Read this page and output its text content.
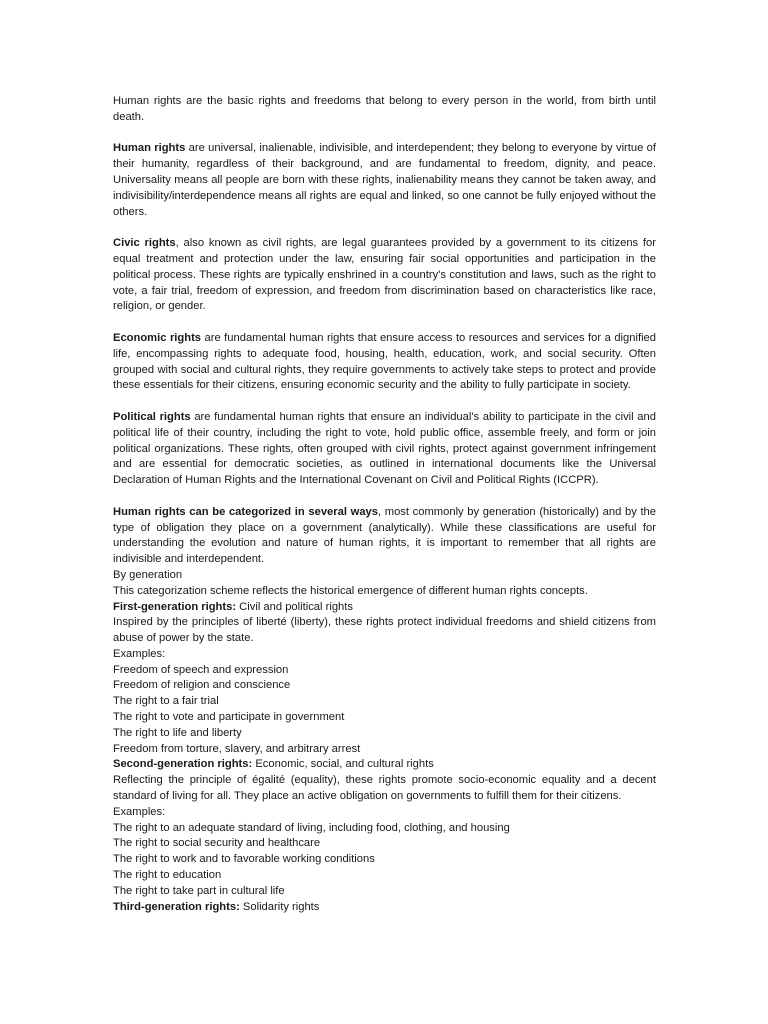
Human rights are the basic rights and freedoms that belong to every person in the world, from birth until death.

Human rights are universal, inalienable, indivisible, and interdependent; they belong to everyone by virtue of their humanity, regardless of their background, and are fundamental to freedom, dignity, and peace. Universality means all people are born with these rights, inalienability means they cannot be taken away, and indivisibility/interdependence means all rights are equal and linked, so one cannot be fully enjoyed without the others.

Civic rights, also known as civil rights, are legal guarantees provided by a government to its citizens for equal treatment and protection under the law, ensuring fair social opportunities and participation in the political process. These rights are typically enshrined in a country's constitution and laws, such as the right to vote, a fair trial, freedom of expression, and freedom from discrimination based on characteristics like race, religion, or gender.

Economic rights are fundamental human rights that ensure access to resources and services for a dignified life, encompassing rights to adequate food, housing, health, education, work, and social security. Often grouped with social and cultural rights, they require governments to actively take steps to protect and provide these essentials for their citizens, ensuring economic security and the ability to fully participate in society.

Political rights are fundamental human rights that ensure an individual's ability to participate in the civil and political life of their country, including the right to vote, hold public office, assemble freely, and form or join political organizations. These rights, often grouped with civil rights, protect against government infringement and are essential for democratic societies, as outlined in international documents like the Universal Declaration of Human Rights and the International Covenant on Civil and Political Rights (ICCPR).

Human rights can be categorized in several ways, most commonly by generation (historically) and by the type of obligation they place on a government (analytically). While these classifications are useful for understanding the evolution and nature of human rights, it is important to remember that all rights are indivisible and interdependent.

By generation

This categorization scheme reflects the historical emergence of different human rights concepts.

First-generation rights: Civil and political rights

Inspired by the principles of liberté (liberty), these rights protect individual freedoms and shield citizens from abuse of power by the state.

Examples:

Freedom of speech and expression

Freedom of religion and conscience

The right to a fair trial

The right to vote and participate in government

The right to life and liberty

Freedom from torture, slavery, and arbitrary arrest

Second-generation rights: Economic, social, and cultural rights

Reflecting the principle of égalité (equality), these rights promote socio-economic equality and a decent standard of living for all. They place an active obligation on governments to fulfill them for their citizens.

Examples:

The right to an adequate standard of living, including food, clothing, and housing

The right to social security and healthcare

The right to work and to favorable working conditions

The right to education

The right to take part in cultural life

Third-generation rights: Solidarity rights
